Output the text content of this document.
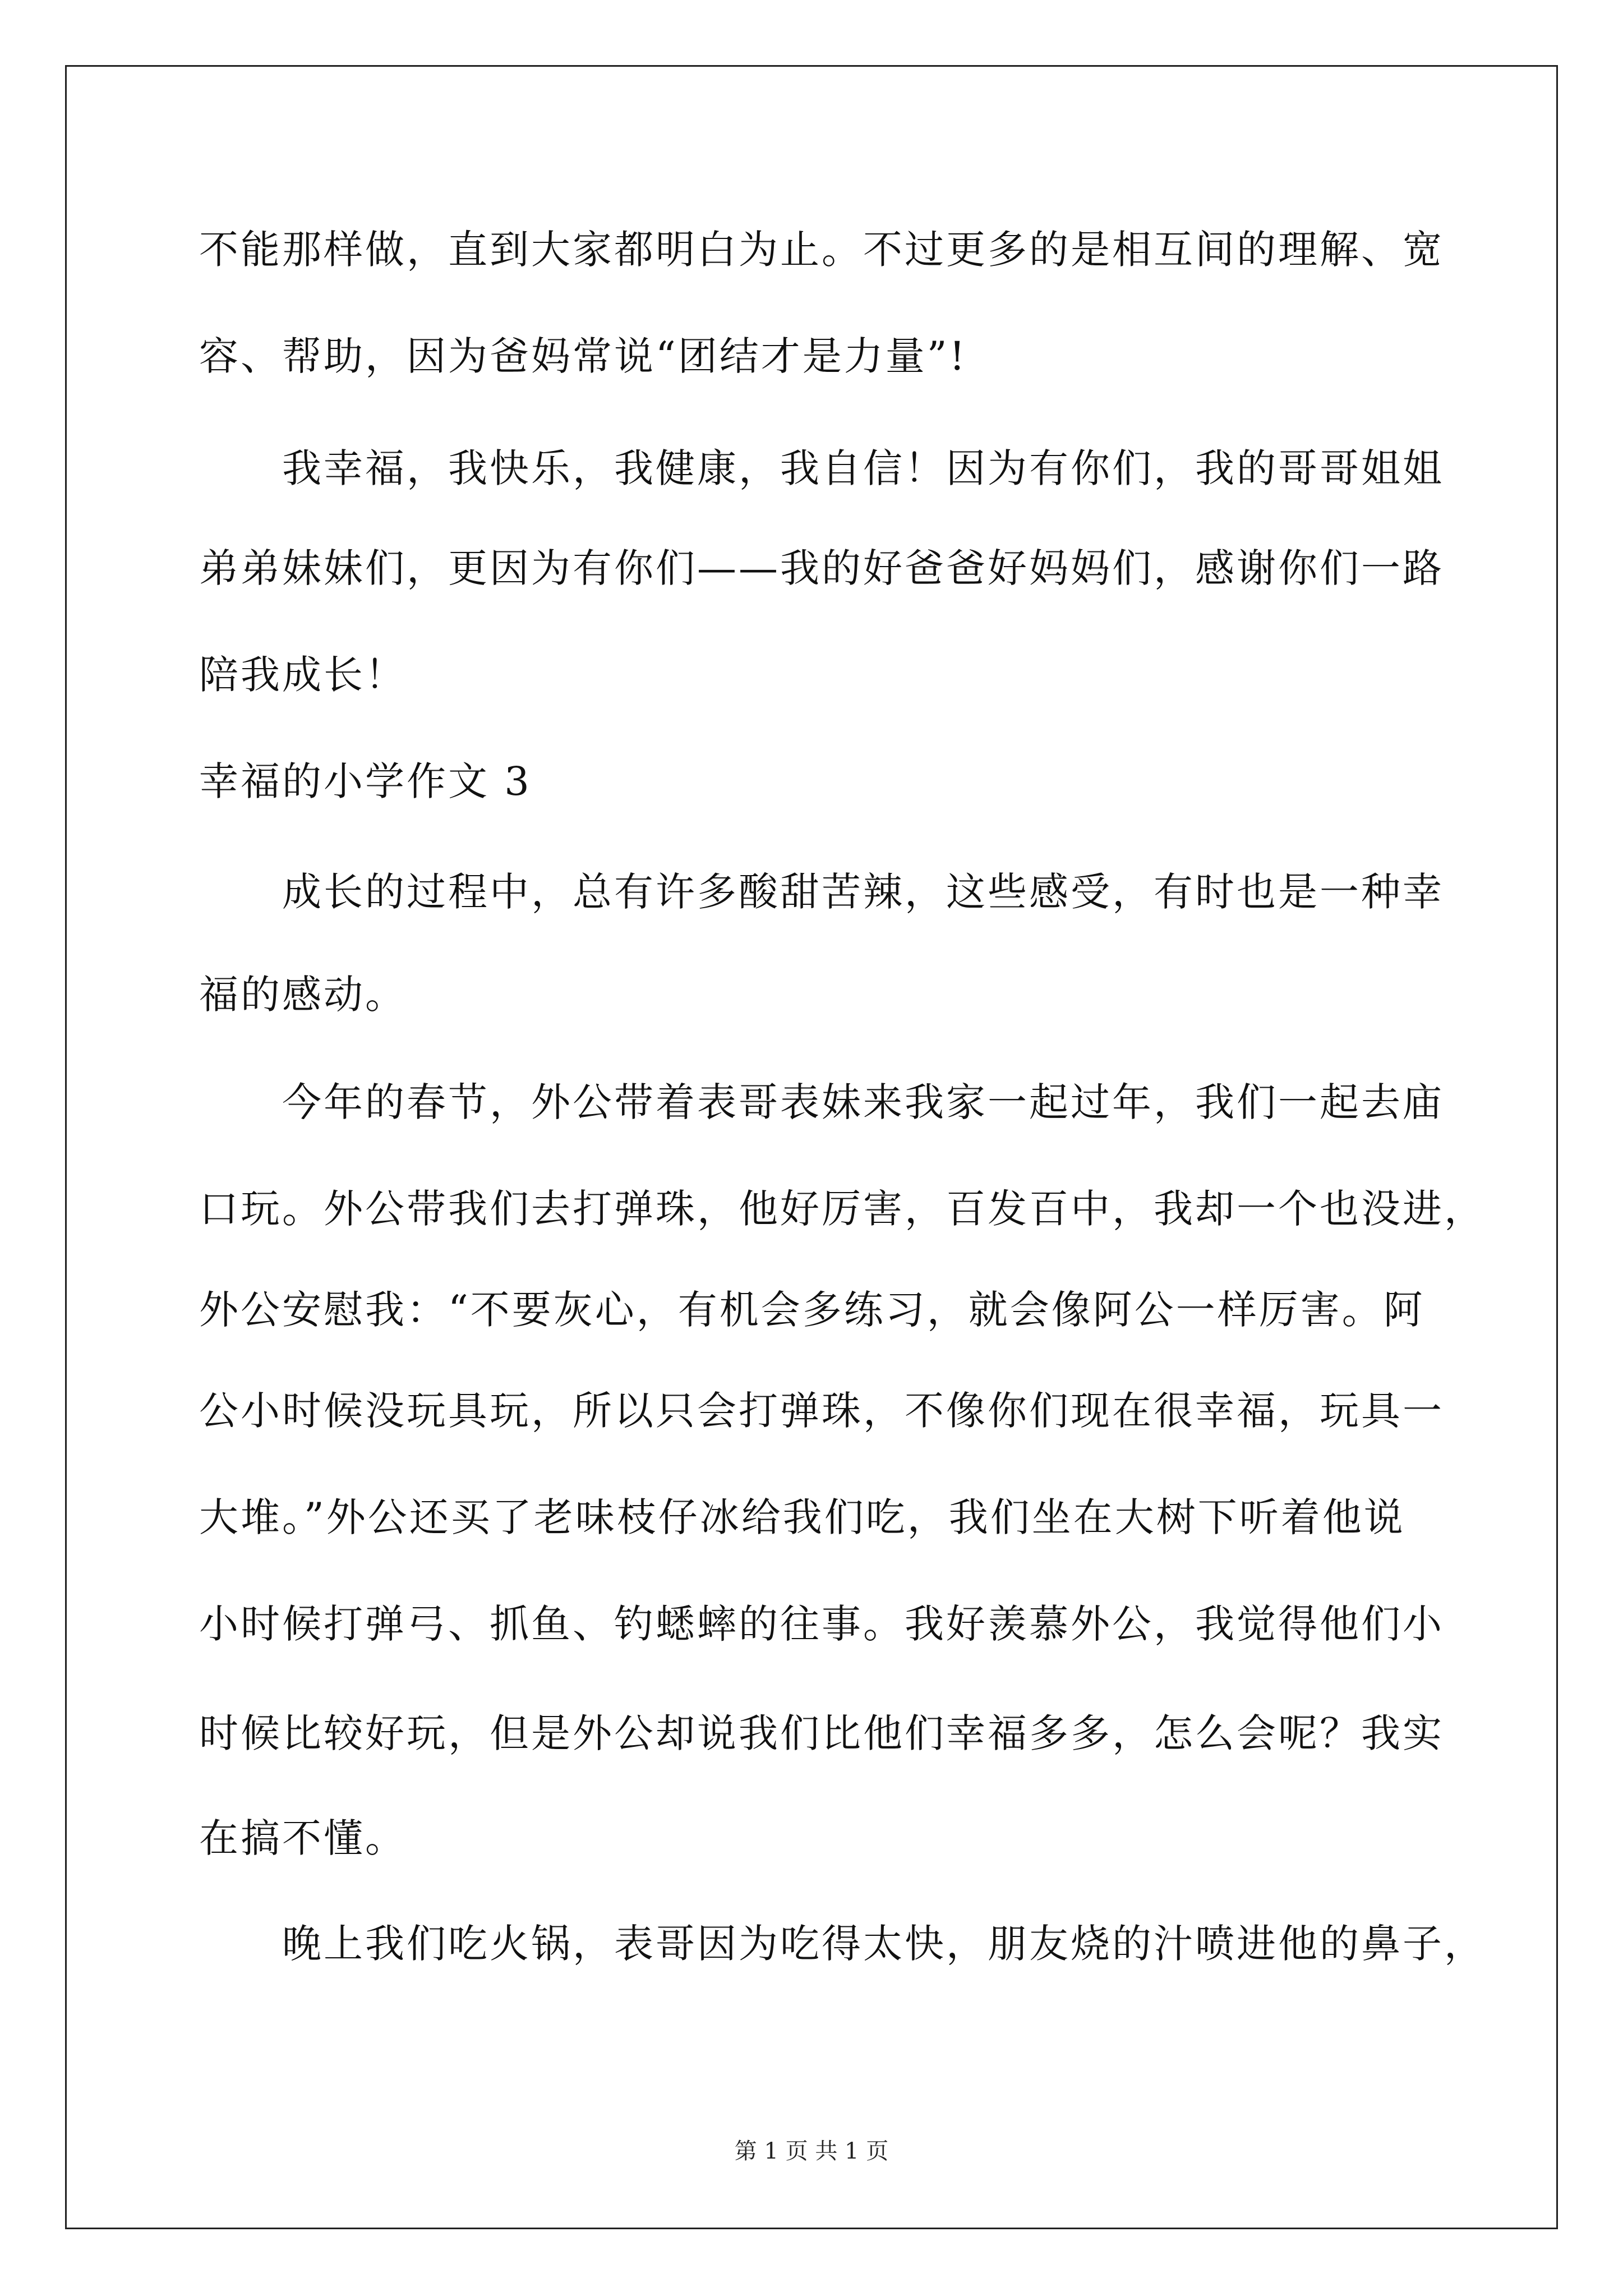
不能那样做，直到大家都明白为止。不过更多的是相互间的理解、宽
容、帮助，因为爸妈常说“团结才是力量”!
我幸福，我快乐，我健康，我自信！因为有你们，我的哥哥姐姐
弟弟妹妹们，更因为有你们——我的好爸爸好妈妈们，感谢你们一路
陪我成长！
幸福的小学作文 3
成长的过程中，总有许多酸甜苦辣，这些感受，有时也是一种幸
福的感动。
今年的春节，外公带着表哥表妹来我家一起过年，我们一起去庙
口玩。外公带我们去打弹珠，他好厉害，百发百中，我却一个也没进，
外公安慰我：“不要灰心，有机会多练习，就会像阿公一样厉害。阿
公小时候没玩具玩，所以只会打弹珠，不像你们现在很幸福，玩具一
大堆。”外公还买了老味枝仔冰给我们吃，我们坐在大树下听着他说
小时候打弹弓、抓鱼、钓蟋蟀的往事。我好羡慕外公，我觉得他们小
时候比较好玩，但是外公却说我们比他们幸福多多，怎么会呢？我实
在搞不懂。
晚上我们吃火锅，表哥因为吃得太快，朋友烧的汁喷进他的鼻子，
第 1 页 共 1 页
